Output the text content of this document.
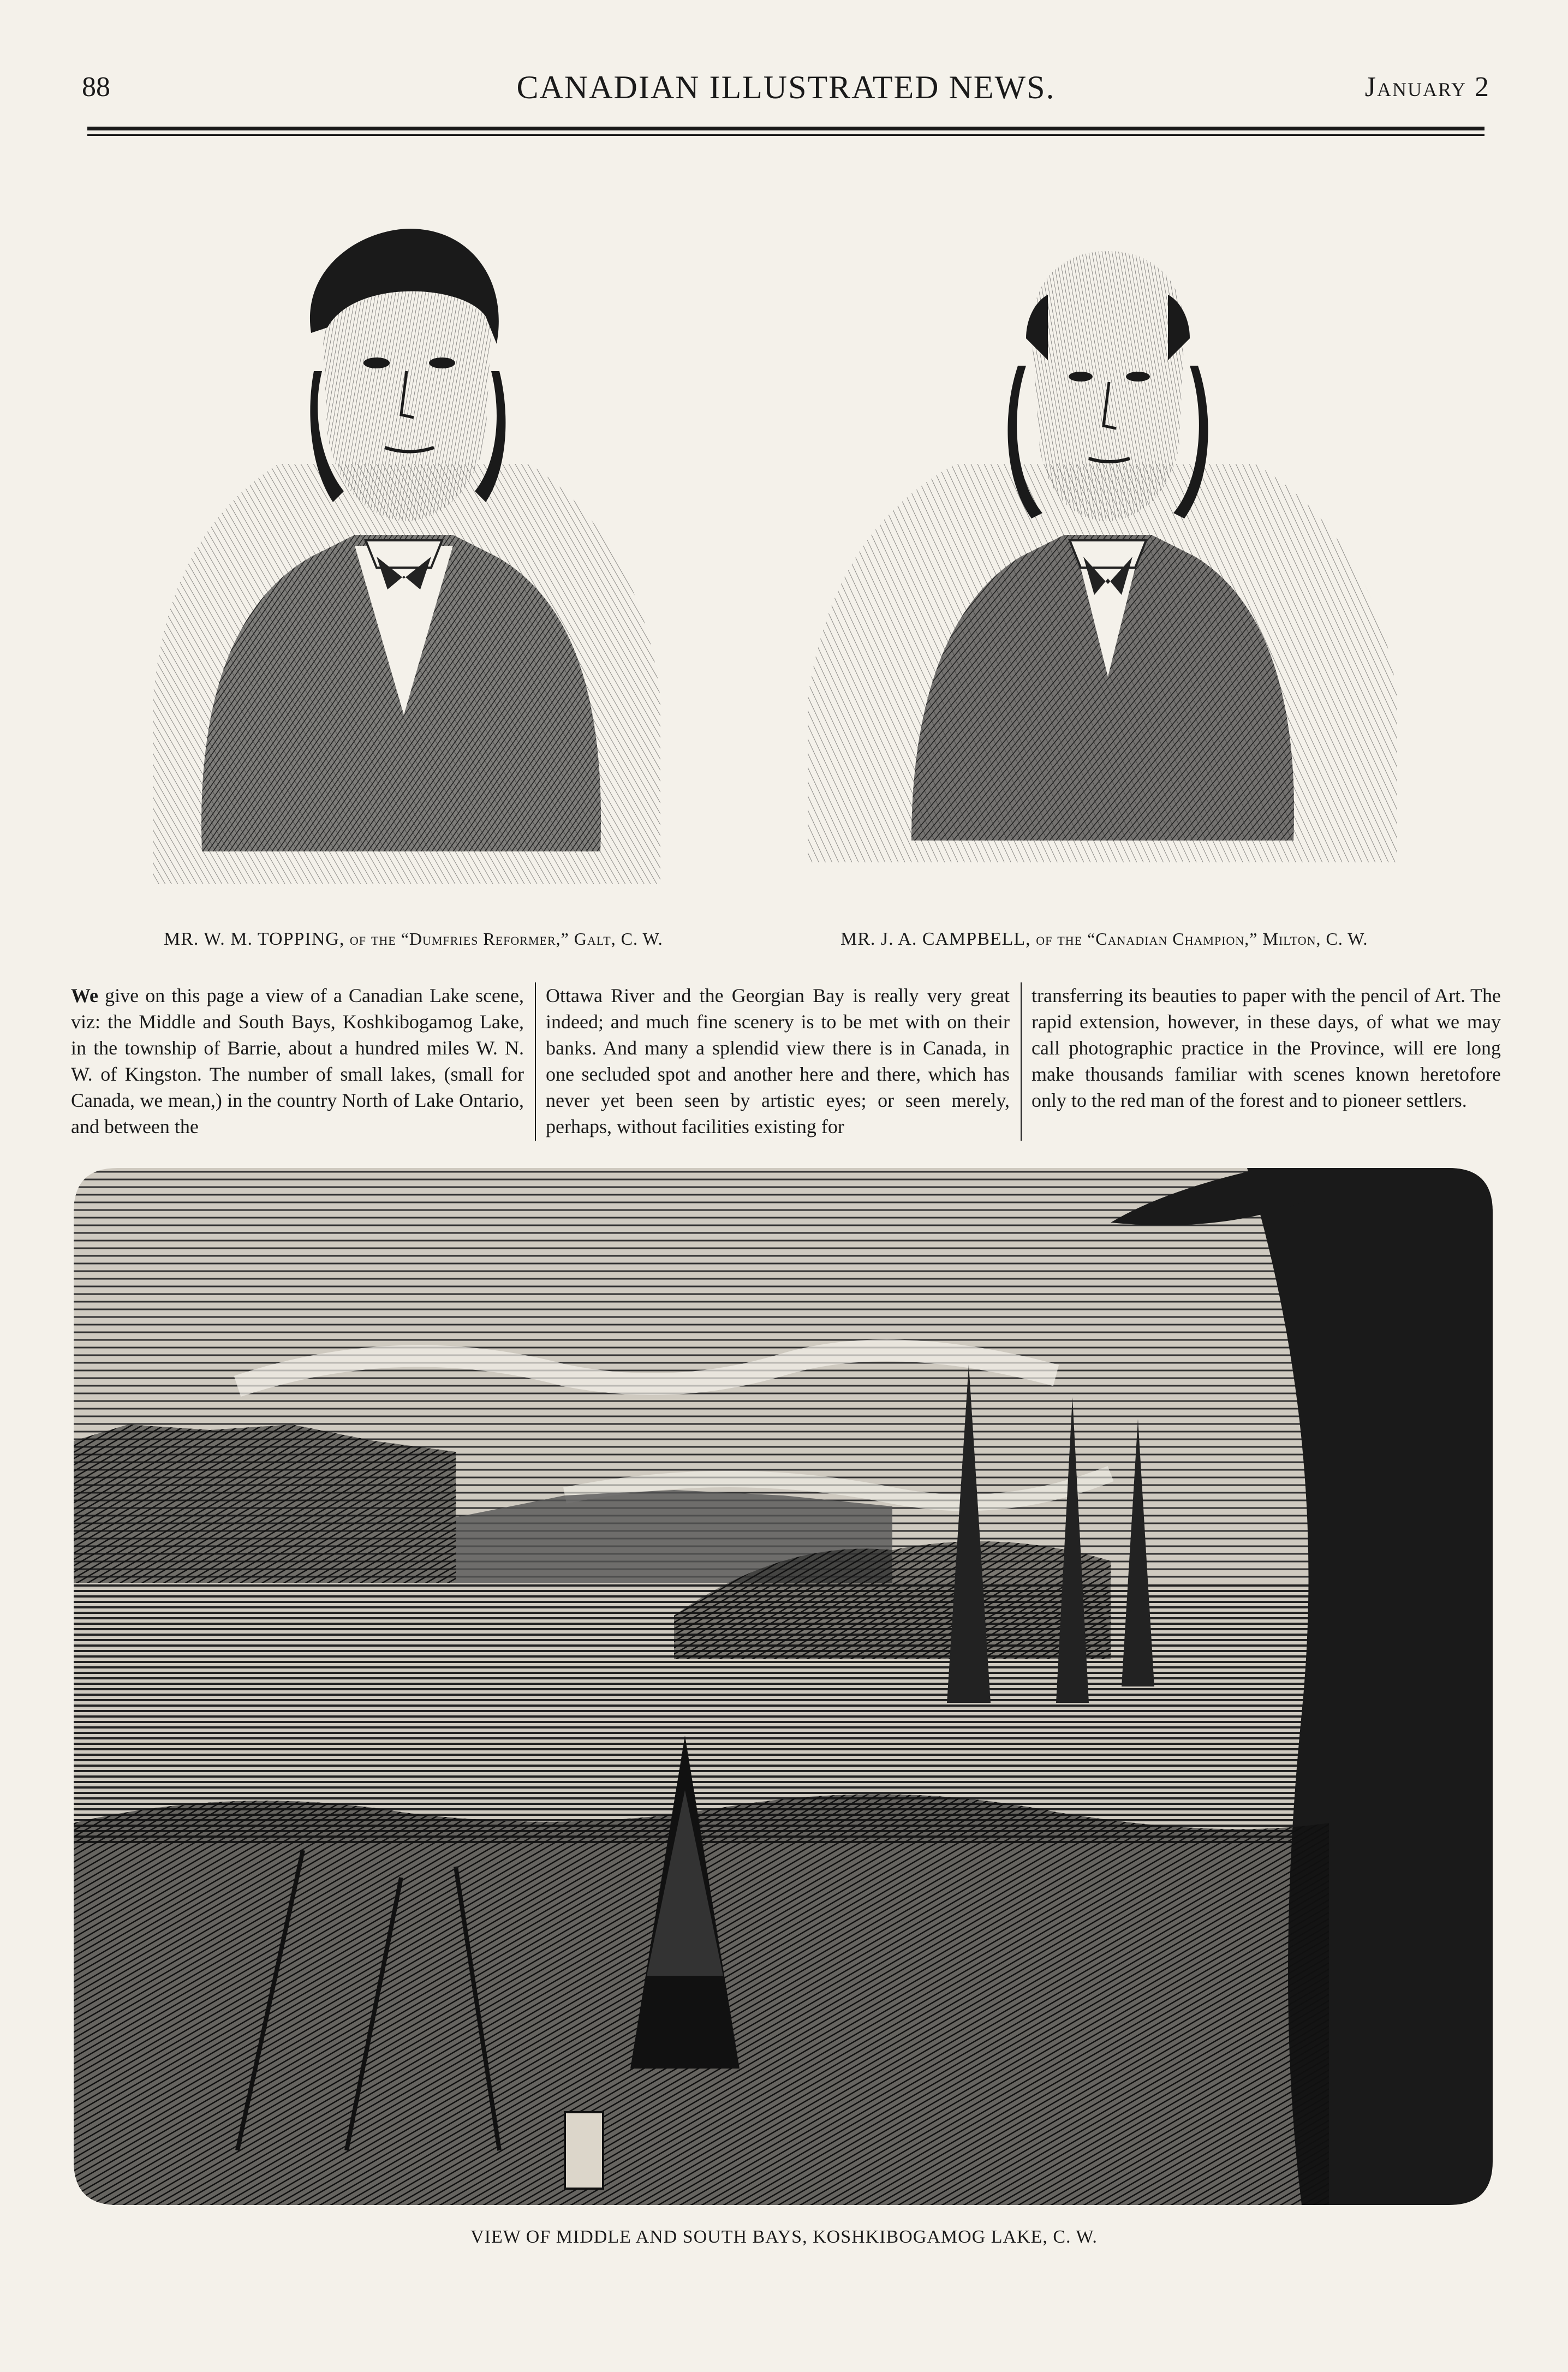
88	CANADIAN ILLUSTRATED NEWS.	January 2
MR. W. M. TOPPING, of the “Dumfries Reformer,” Galt, C. W.	MR. J. A. CAMPBELL, of the “Canadian Champion,” Milton, C. W.
We give on this page a view of a Canadian Lake scene, viz: the Middle and South Bays, Koshkibogamog Lake, in the township of Barrie, about a hundred miles W. N. W. of Kingston. The number of small lakes, (small for Canada, we mean,) in the country North of Lake Ontario, and between the
Ottawa River and the Georgian Bay is really very great indeed; and much fine scenery is to be met with on their banks. And many a splendid view there is in Canada, in one secluded spot and another here and there, which has never yet been seen by artistic eyes; or seen merely, perhaps, without facilities existing for
transferring its beauties to paper with the pencil of Art. The rapid extension, however, in these days, of what we may call photographic practice in the Province, will ere long make thousands familiar with scenes known heretofore only to the red man of the forest and to pioneer settlers.
VIEW OF MIDDLE AND SOUTH BAYS, KOSHKIBOGAMOG LAKE, C. W.
